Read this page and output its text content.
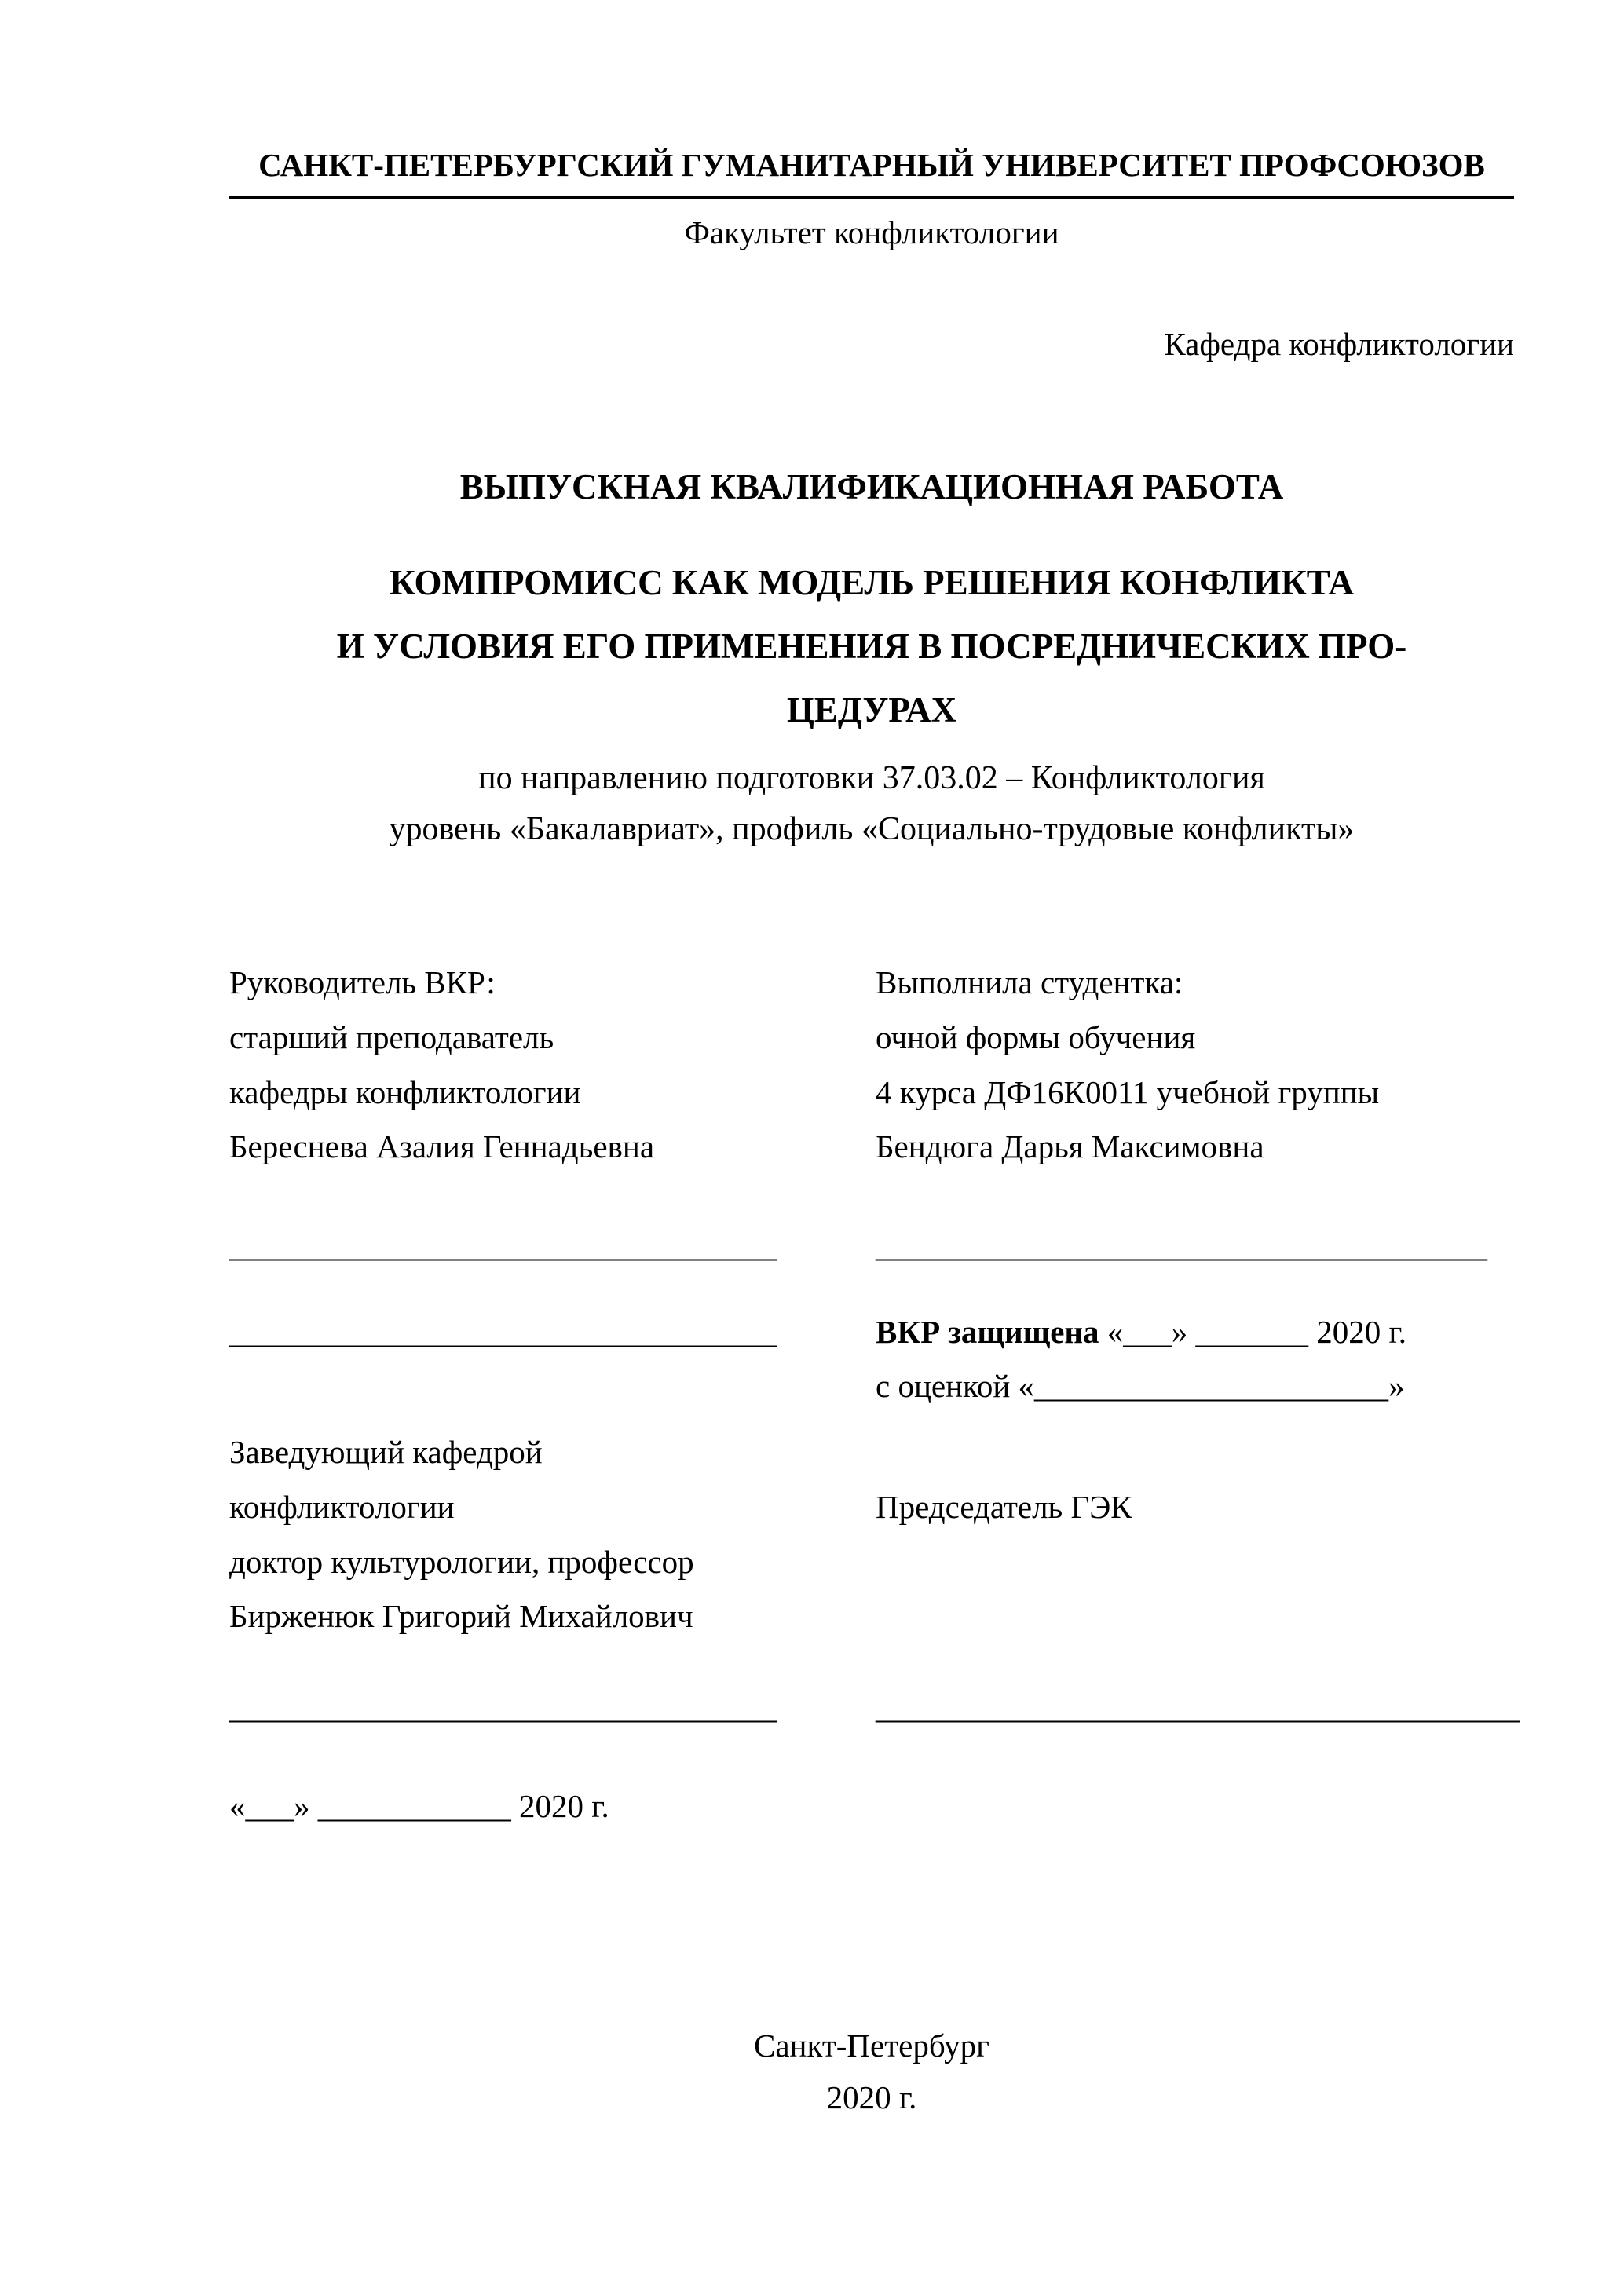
САНКТ-ПЕТЕРБУРГСКИЙ ГУМАНИТАРНЫЙ УНИВЕРСИТЕТ ПРОФСОЮЗОВ
Факультет конфликтологии
Кафедра конфликтологии
ВЫПУСКНАЯ КВАЛИФИКАЦИОННАЯ РАБОТА
КОМПРОМИСС КАК МОДЕЛЬ РЕШЕНИЯ КОНФЛИКТА
И УСЛОВИЯ ЕГО ПРИМЕНЕНИЯ В ПОСРЕДНИЧЕСКИХ ПРО-
ЦЕДУРАХ
по направлению подготовки 37.03.02 – Конфликтология
уровень «Бакалавриат», профиль «Социально-трудовые конфликты»
Руководитель ВКР:
старший преподаватель
кафедры конфликтологии
Береснева Азалия Геннадьевна
Выполнила студентка:
очной формы обучения
4 курса ДФ16К0011 учебной группы
Бендюга Дарья Максимовна
__________________________________	______________________________________
__________________________________	ВКР защищена «___» _______ 2020 г.
с оценкой «______________________»
Заведующий кафедрой
конфликтологии
доктор культурологии, профессор
Бирженюк Григорий Михайлович
Председатель ГЭК
__________________________________	________________________________________
«___» ____________ 2020 г.
Санкт-Петербург
2020 г.
